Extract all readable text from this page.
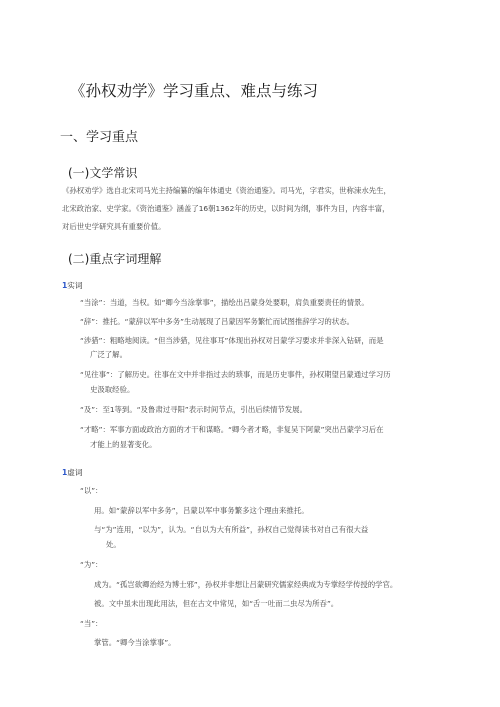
《孙权劝学》学习重点、难点与练习
一、学习重点
(一)文学常识
《孙权劝学》选自北宋司马光主持编纂的编年体通史《资治通鉴》。司马光，字君实，世称涑水先生，
北宋政治家、史学家。《资治通鉴》涵盖了16朝1362年的历史，以时间为纲，事件为目，内容丰富，
对后世史学研究具有重要价值。
(二)重点字词理解
1实词
“当涂”：当道，当权。如“卿今当涂掌事”，描绘出吕蒙身处要职，肩负重要责任的情景。
“辞”：推托。“蒙辞以军中多务”生动展现了吕蒙因军务繁忙而试图推辞学习的状态。
“涉猎”：粗略地阅读。“但当涉猎，见往事耳”体现出孙权对吕蒙学习要求并非深入钻研，而是
广泛了解。
“见往事”：了解历史。往事在文中并非指过去的琐事，而是历史事件，孙权期望吕蒙通过学习历
史汲取经验。
“及”：至1等到。“及鲁肃过寻阳”表示时间节点，引出后续情节发展。
“才略”：军事方面或政治方面的才干和谋略。“卿今者才略，非复吴下阿蒙”突出吕蒙学习后在
才能上的显著变化。
1虚词
“以”：
用。如“蒙辞以军中多务”，吕蒙以军中事务繁多这个理由来推托。
与“为”连用，“以为”，认为。“自以为大有所益”，孙权自己觉得读书对自己有很大益
处。
“为”：
成为。“孤岂欲卿治经为博士邪”，孙权并非想让吕蒙研究儒家经典成为专掌经学传授的学官。
被。文中虽未出现此用法，但在古文中常见，如“舌一吐而二虫尽为所吞”。
“当”：
掌管。“卿今当涂掌事”。
